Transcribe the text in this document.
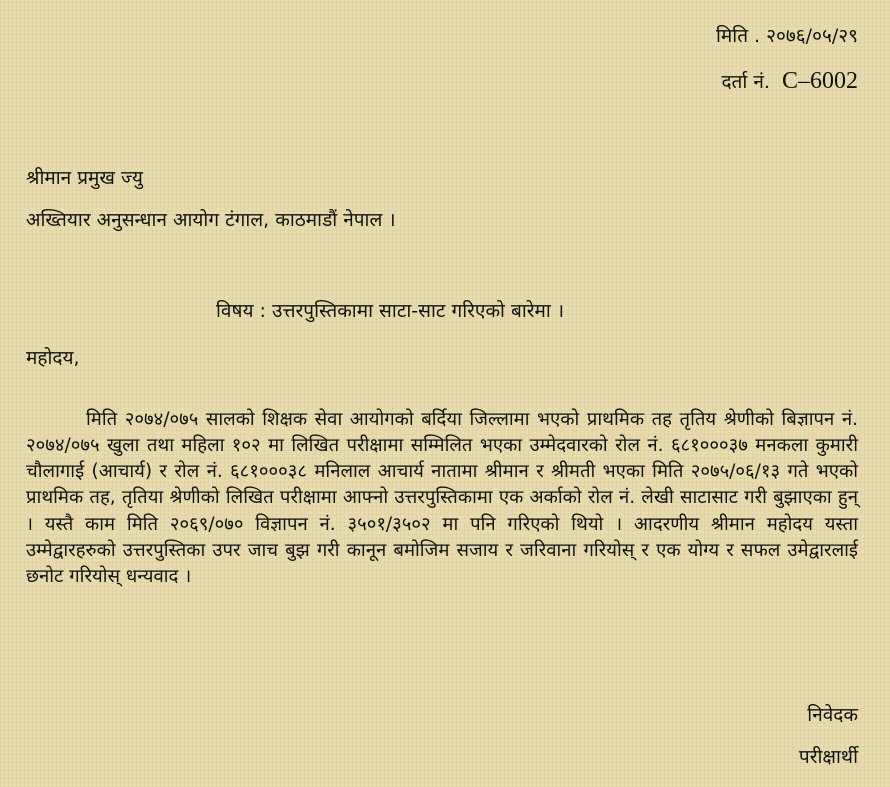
मिति . २०७६/०५/२९
दर्ता नं. C–6002
श्रीमान प्रमुख ज्यु
अख्तियार अनुसन्धान आयोग टंगाल, काठमाडौं नेपाल ।
विषय : उत्तरपुस्तिकामा साटा-साट गरिएको बारेमा ।
महोदय,

मिति २०७४/०७५ सालको शिक्षक सेवा आयोगको बर्दिया जिल्लामा भएको प्राथमिक तह तृतिय श्रेणीको बिज्ञापन नं. २०७४/०७५ खुला तथा महिला १०२ मा लिखित परीक्षामा सम्मिलित भएका उम्मेदवारको रोल नं. ६८१०००३७ मनकला कुमारी चौलागाई (आचार्य) र रोल नं. ६८१०००३८ मनिलाल आचार्य नातामा श्रीमान र श्रीमती भएका मिति २०७५/०६/१३ गते भएको प्राथमिक तह, तृतिया श्रेणीको लिखित परीक्षामा आफ्नो उत्तरपुस्तिकामा एक अर्काको रोल नं. लेखी साटासाट गरी बुझाएका हुन् । यस्तै काम मिति २०६९/०७० विज्ञापन नं. ३५०१/३५०२ मा पनि गरिएको थियो । आदरणीय श्रीमान महोदय यस्ता उम्मेद्वारहरुको उत्तरपुस्तिका उपर जाच बुझ गरी कानून बमोजिम सजाय र जरिवाना गरियोस् र एक योग्य र सफल उमेद्वारलाई छनोट गरियोस् धन्यवाद ।

निवेदक
परीक्षार्थी
